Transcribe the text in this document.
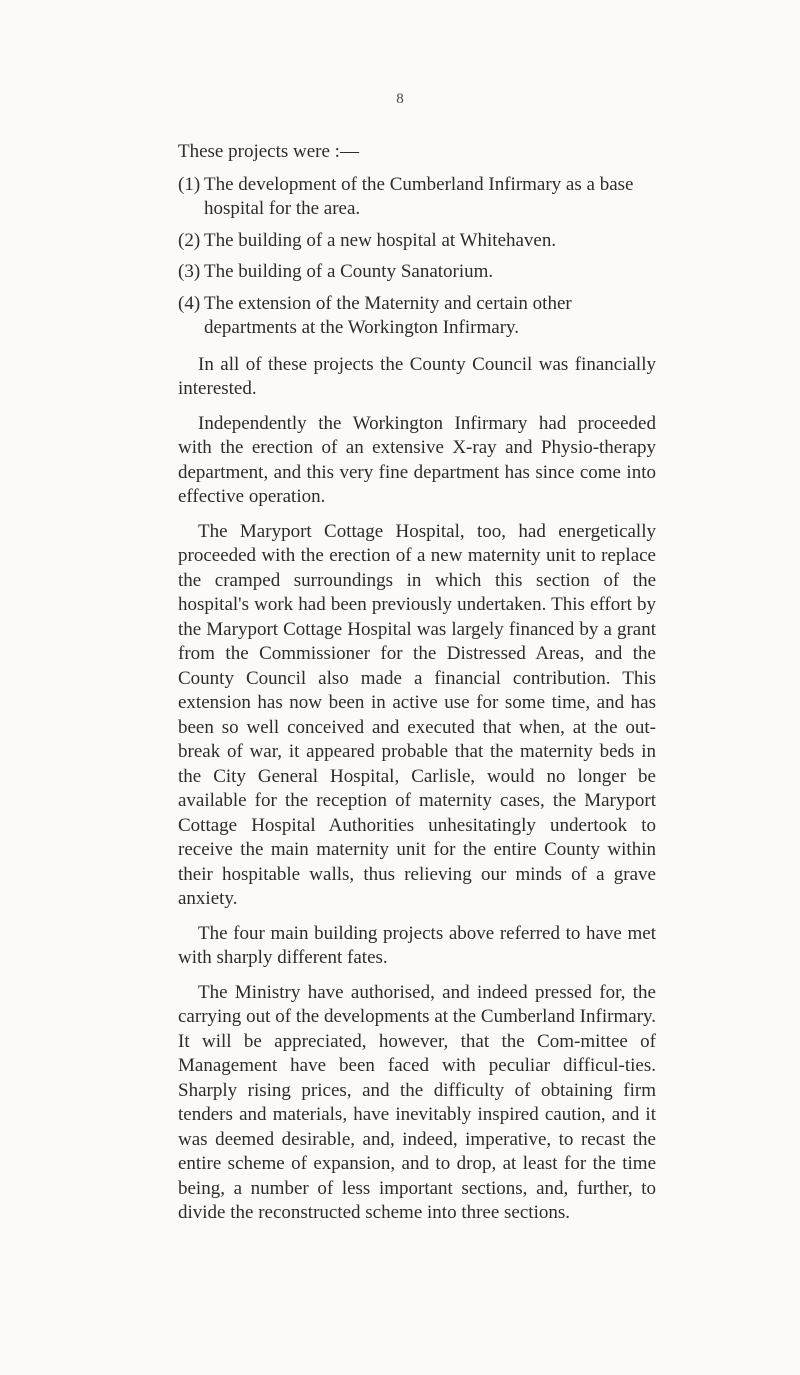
8

These projects were :—

(1) The development of the Cumberland Infirmary as a base hospital for the area.
(2) The building of a new hospital at Whitehaven.
(3) The building of a County Sanatorium.
(4) The extension of the Maternity and certain other departments at the Workington Infirmary.

In all of these projects the County Council was financially interested.

Independently the Workington Infirmary had proceeded with the erection of an extensive X-ray and Physio-therapy department, and this very fine department has since come into effective operation.

The Maryport Cottage Hospital, too, had energetically proceeded with the erection of a new maternity unit to replace the cramped surroundings in which this section of the hospital's work had been previously undertaken. This effort by the Maryport Cottage Hospital was largely financed by a grant from the Commissioner for the Distressed Areas, and the County Council also made a financial contribution. This extension has now been in active use for some time, and has been so well conceived and executed that when, at the out-break of war, it appeared probable that the maternity beds in the City General Hospital, Carlisle, would no longer be available for the reception of maternity cases, the Maryport Cottage Hospital Authorities unhesitatingly undertook to receive the main maternity unit for the entire County within their hospitable walls, thus relieving our minds of a grave anxiety.

The four main building projects above referred to have met with sharply different fates.

The Ministry have authorised, and indeed pressed for, the carrying out of the developments at the Cumberland Infirmary. It will be appreciated, however, that the Com-mittee of Management have been faced with peculiar difficul-ties. Sharply rising prices, and the difficulty of obtaining firm tenders and materials, have inevitably inspired caution, and it was deemed desirable, and, indeed, imperative, to recast the entire scheme of expansion, and to drop, at least for the time being, a number of less important sections, and, further, to divide the reconstructed scheme into three sections.
